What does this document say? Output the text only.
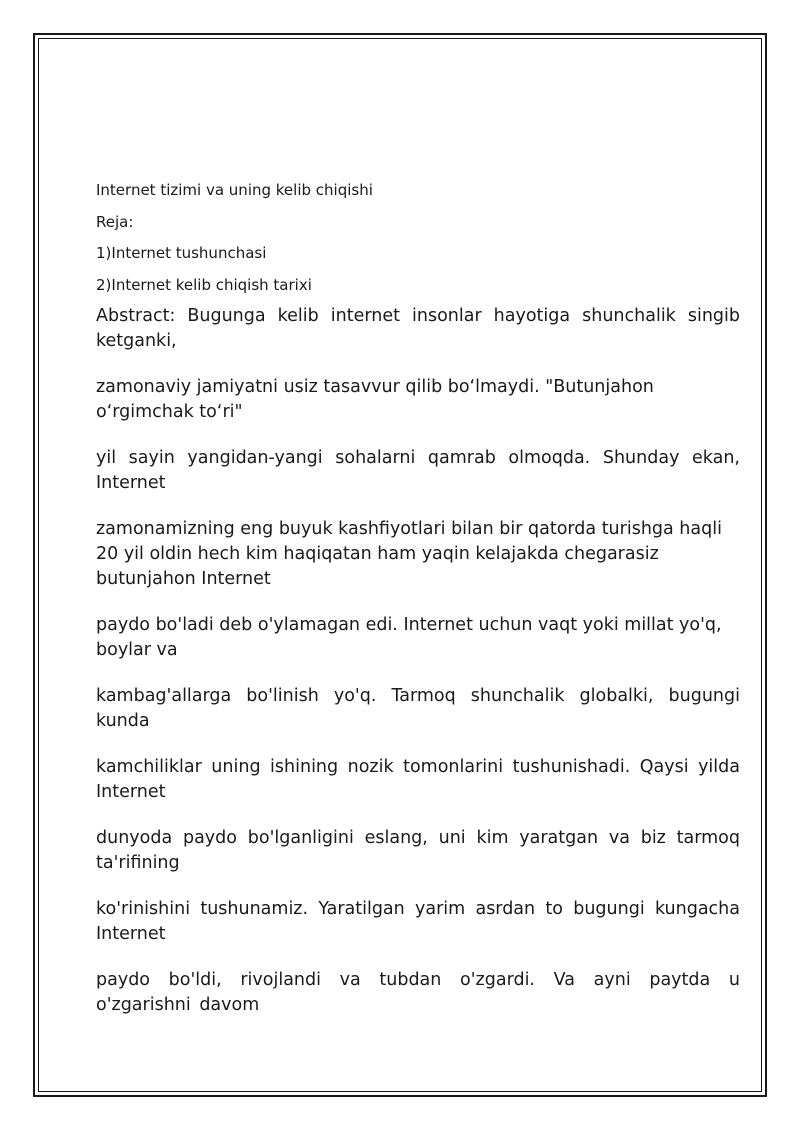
Internet tizimi va uning kelib chiqishi
Reja:
1)Internet tushunchasi
2)Internet kelib chiqish tarixi

Abstract: Bugunga kelib internet insonlar hayotiga shunchalik singib ketganki,

zamonaviy jamiyatni usiz tasavvur qilib bo‘lmaydi. "Butunjahon o‘rgimchak to‘ri"

yil sayin yangidan-yangi sohalarni qamrab olmoqda. Shunday ekan, Internet

zamonamizning eng buyuk kashfiyotlari bilan bir qatorda turishga haqli 20 yil oldin hech kim haqiqatan ham yaqin kelajakda chegarasiz butunjahon Internet

paydo bo'ladi deb o'ylamagan edi. Internet uchun vaqt yoki millat yo'q, boylar va

kambag'allarga bo'linish yo'q. Tarmoq shunchalik globalki, bugungi kunda

kamchiliklar uning ishining nozik tomonlarini tushunishadi. Qaysi yilda Internet

dunyoda paydo bo'lganligini eslang, uni kim yaratgan va biz tarmoq ta'rifining

ko'rinishini tushunamiz. Yaratilgan yarim asrdan to bugungi kungacha Internet

paydo bo'ldi, rivojlandi va tubdan o'zgardi. Va ayni paytda u o'zgarishni davom
